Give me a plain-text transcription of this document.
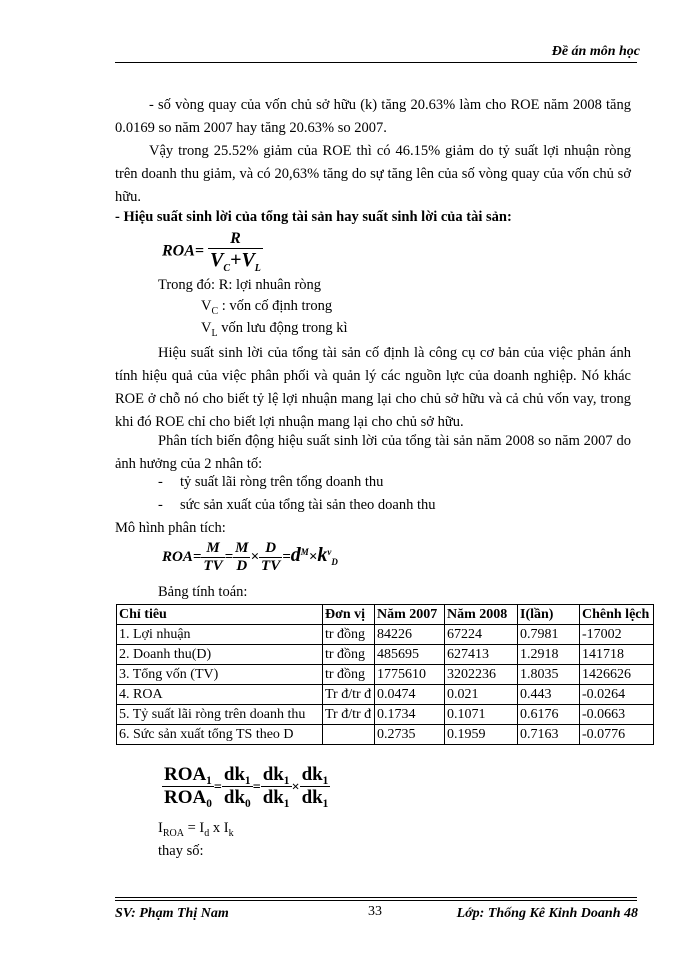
Đề án môn học
- số vòng quay của vốn chủ sở hữu (k) tăng 20.63% làm cho ROE năm 2008 tăng 0.0169 so năm 2007 hay tăng 20.63% so 2007.
Vậy trong 25.52% giảm của ROE thì có 46.15% giảm do tỷ suất lợi nhuận ròng trên doanh thu giảm, và có 20,63% tăng do sự tăng lên của số vòng quay của vốn chủ sở hữu.
- Hiệu suất sinh lời của tổng tài sản hay suất sinh lời của tài sản:
$ROA= \frac{R}{V_C+V_L}$
Trong đó: R: lợi nhuân ròng
$V_C$ : vốn cố định trong
$V_L$ vốn lưu động trong kì
Hiệu suất sinh lời của tổng tài sản cố định là công cụ cơ bản của việc phản ánh tính hiệu quả của việc phân phối và quản lý các nguồn lực của doanh nghiệp. Nó khác ROE ở chỗ nó cho biết tỷ lệ lợi nhuận mang lại cho chủ sở hữu và cả chủ vốn vay, trong khi đó ROE chỉ cho biết lợi nhuận mang lại cho chủ sở hữu.
Phân tích biến động hiệu suất sinh lời của tổng tài sản năm 2008 so năm 2007 do ảnh hưởng của 2 nhân tố:
- tỷ suất lãi ròng trên tổng doanh thu
- sức sản xuất của tổng tài sản theo doanh thu
Mô hình phân tích:
$ROA= \frac{M}{TV} = \frac{M}{D} \times \frac{D}{TV} =d^M\times k^v_D$
Bảng tính toán:
Chỉ tiêu	Đơn vị	Năm 2007	Năm 2008	I(lần)	Chênh lệch
1. Lợi nhuận	tr đồng	84226	67224	0.7981	-17002
2. Doanh thu(D)	tr đồng	485695	627413	1.2918	141718
3. Tổng vốn (TV)	tr đồng	1775610	3202236	1.8035	1426626
4. ROA	Tr đ/tr đ	0.0474	0.021	0.443	-0.0264
5. Tỷ suất lãi ròng trên doanh thu	Tr đ/tr đ	0.1734	0.1071	0.6176	-0.0663
6. Sức sản xuất tổng TS theo D		0.2735	0.1959	0.7163	-0.0776
$\frac{\text{ROA₁}}{\text{ROA₀}} = \frac{\text{dk₁}}{\text{dk₀}} = \frac{\text{dk₁}}{\text{dk₁}} \times \frac{\text{dk₁}}{\text{dk₁}}$
$I_{ROA} = I_d$ x $I_k$
thay số:
SV: Phạm Thị Nam	33	Lớp: Thống Kê Kinh Doanh 48
